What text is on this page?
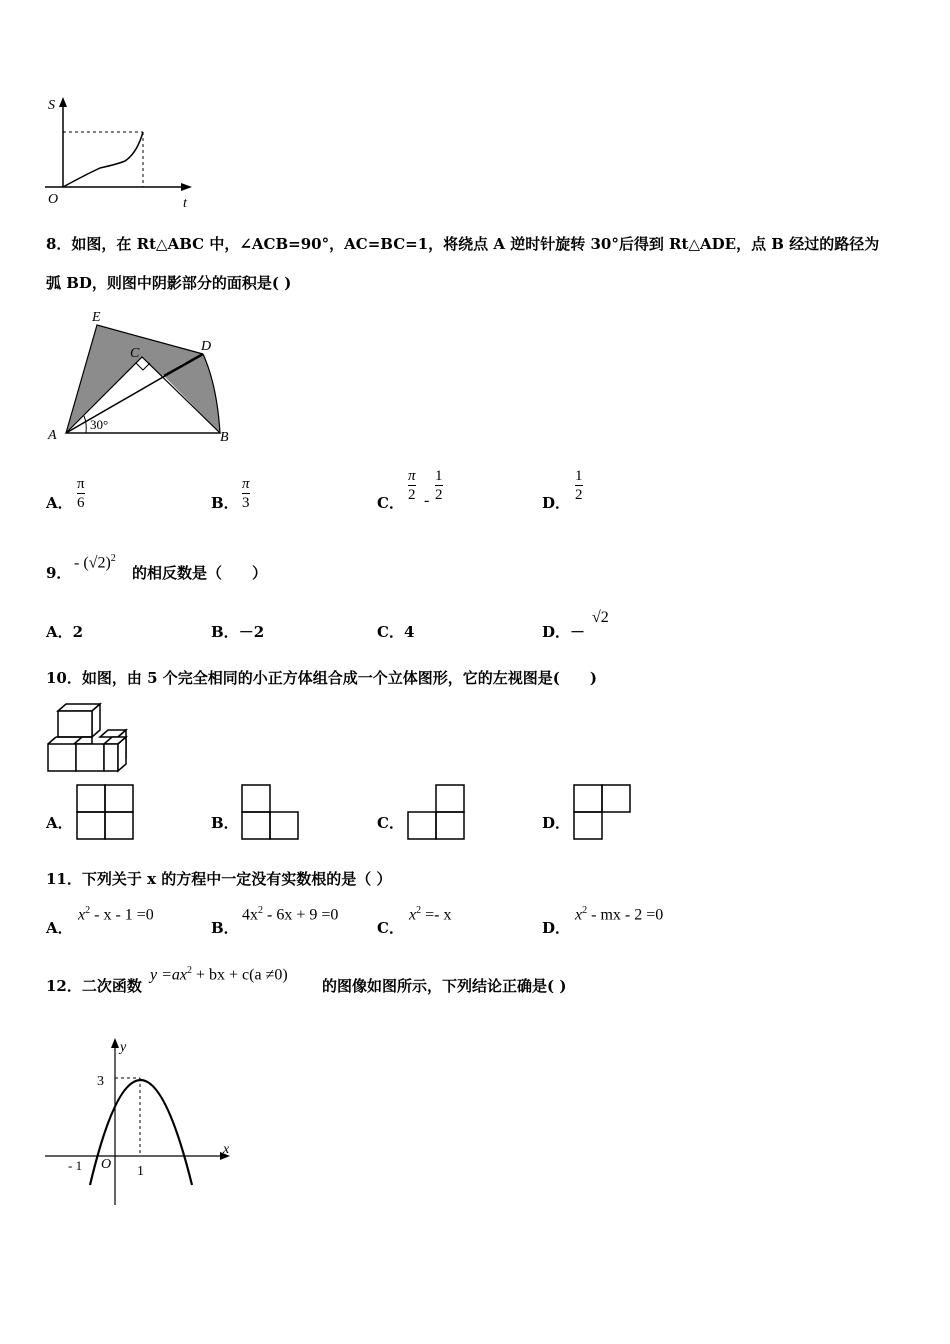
S
t
O
8．如图，在 Rt△ABC 中，∠ACB=90°，AC=BC=1，将绕点 A 逆时针旋转 30°后得到 Rt△ADE，点 B 经过的路径为
弧 BD，则图中阴影部分的面积是( )
E
C	D
A	B
30°
A．
π
6	B．
π
3	C．
π
2 -
1
2	D．
1
2
9．
- $(√2)^2$
的相反数是（　　）
A．2	B．－2	C．4	D．－
√2
10．如图，由 5 个完全相同的小正方体组合成一个立体图形，它的左视图是(　　)
A．	B．	C．	D．
11．下列关于 x 的方程中一定没有实数根的是（ ）
A．
$x^2 - x - 1 =0$
B．
$4x^2 - 6x + 9 =0$
C．
$x^2 =- x$
D．
$x^2$ - mx - 2 =0
12．二次函数
$y =ax^2$ + bx + c(a ≠0)
的图像如图所示，下列结论正确是( )
y
x
3
1
- 1 O
